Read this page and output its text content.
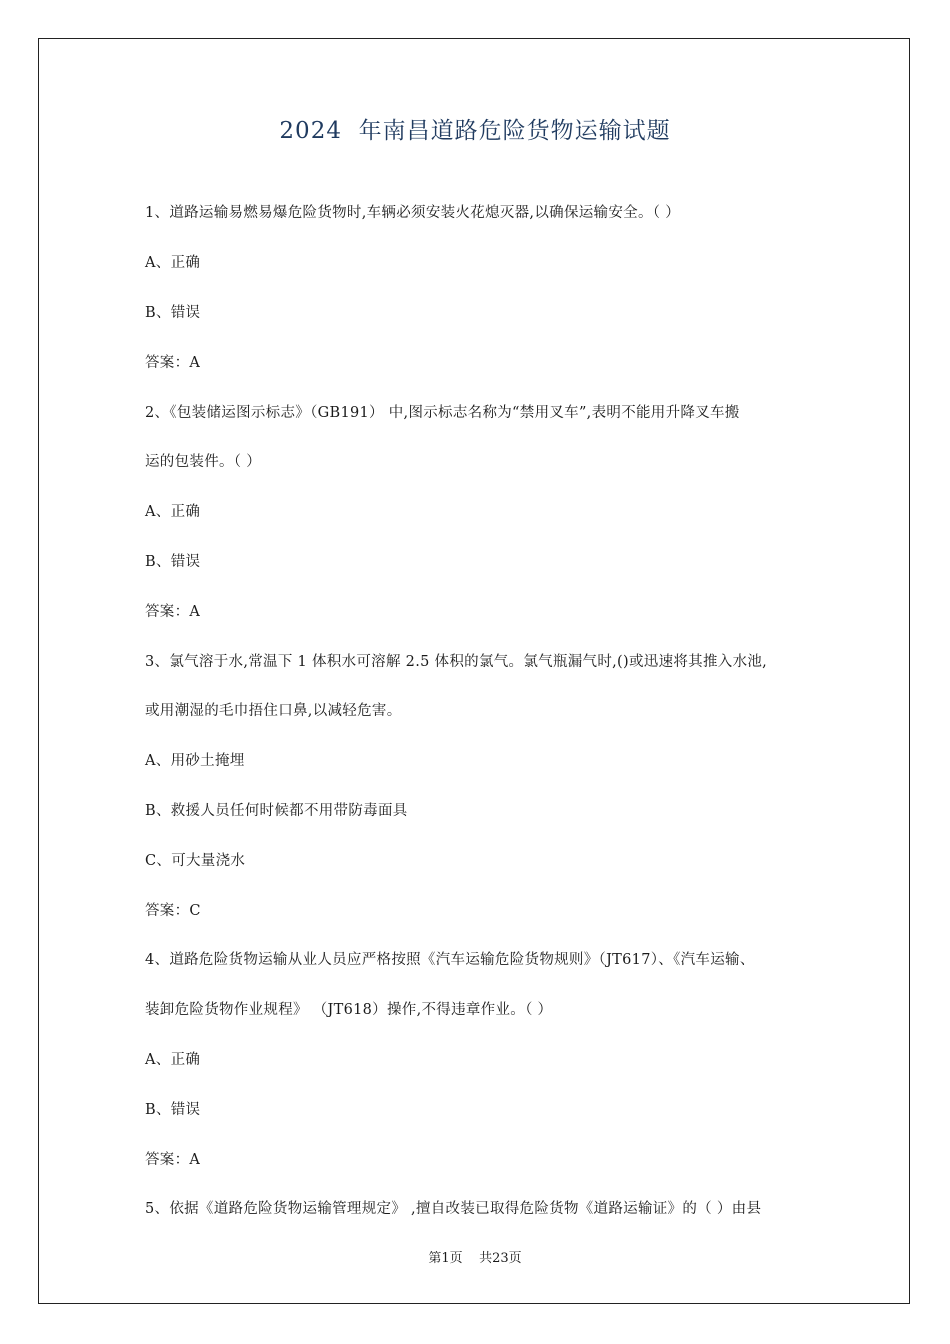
2024  年南昌道路危险货物运输试题
1、道路运输易燃易爆危险货物时,车辆必须安装火花熄灭器,以确保运输安全。（ ）
A、正确
B、错误
答案：A
2、《包装储运图示标志》（GB191） 中,图示标志名称为“禁用叉车”,表明不能用升降叉车搬
运的包装件。（ ）
A、正确
B、错误
答案：A
3、氯气溶于水,常温下 1 体积水可溶解 2.5 体积的氯气。氯气瓶漏气时,()或迅速将其推入水池,
或用潮湿的毛巾捂住口鼻,以减轻危害。
A、用砂土掩埋
B、救援人员任何时候都不用带防毒面具
C、可大量浇水
答案：C
4、道路危险货物运输从业人员应严格按照《汽车运输危险货物规则》（JT617）、《汽车运输、
装卸危险货物作业规程》 （JT618）操作,不得违章作业。（ ）
A、正确
B、错误
答案：A
5、依据《道路危险货物运输管理规定》 ,擅自改装已取得危险货物《道路运输证》的（ ）由县
第1页    共23页
